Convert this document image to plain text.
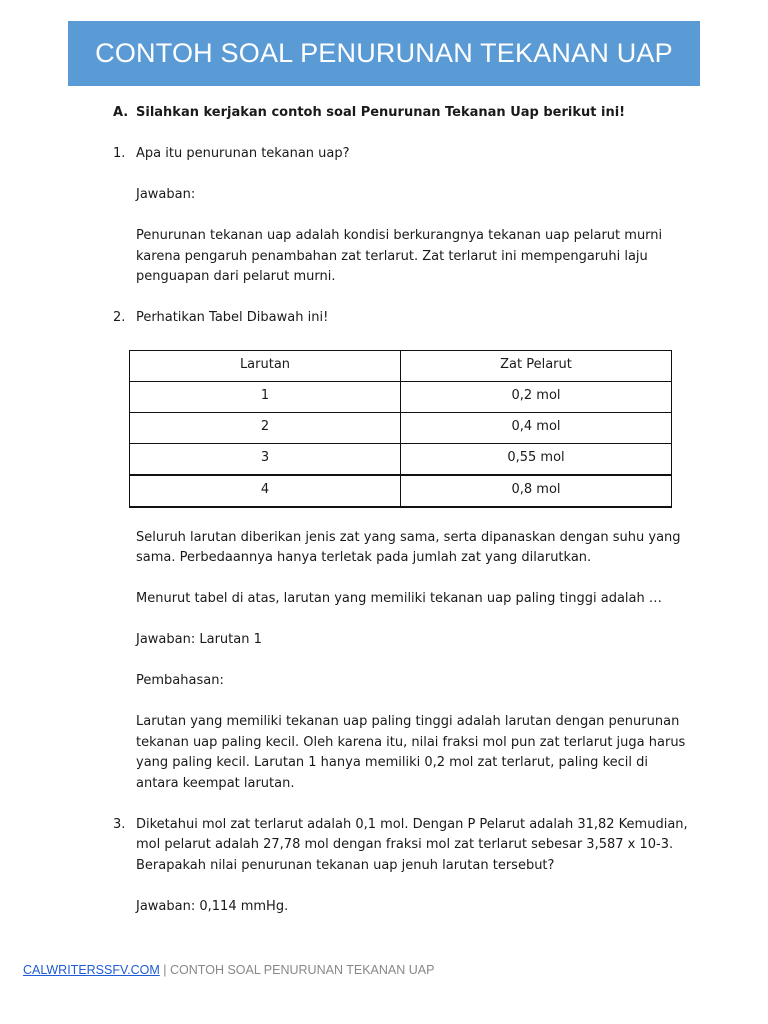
CONTOH SOAL PENURUNAN TEKANAN UAP
A. Silahkan kerjakan contoh soal Penurunan Tekanan Uap berikut ini!
1. Apa itu penurunan tekanan uap?
Jawaban:
Penurunan tekanan uap adalah kondisi berkurangnya tekanan uap pelarut murni karena pengaruh penambahan zat terlarut. Zat terlarut ini mempengaruhi laju penguapan dari pelarut murni.
2. Perhatikan Tabel Dibawah ini!
Larutan	Zat Pelarut
1	0,2 mol
2	0,4 mol
3	0,55 mol
4	0,8 mol
Seluruh larutan diberikan jenis zat yang sama, serta dipanaskan dengan suhu yang sama. Perbedaannya hanya terletak pada jumlah zat yang dilarutkan.
Menurut tabel di atas, larutan yang memiliki tekanan uap paling tinggi adalah …
Jawaban: Larutan 1
Pembahasan:
Larutan yang memiliki tekanan uap paling tinggi adalah larutan dengan penurunan tekanan uap paling kecil. Oleh karena itu, nilai fraksi mol pun zat terlarut juga harus yang paling kecil. Larutan 1 hanya memiliki 0,2 mol zat terlarut, paling kecil di antara keempat larutan.
3. Diketahui mol zat terlarut adalah 0,1 mol. Dengan P Pelarut adalah 31,82 Kemudian, mol pelarut adalah 27,78 mol dengan fraksi mol zat terlarut sebesar 3,587 x 10-3. Berapakah nilai penurunan tekanan uap jenuh larutan tersebut?
Jawaban: 0,114 mmHg.
CALWRITERSSFV.COM | CONTOH SOAL PENURUNAN TEKANAN UAP
